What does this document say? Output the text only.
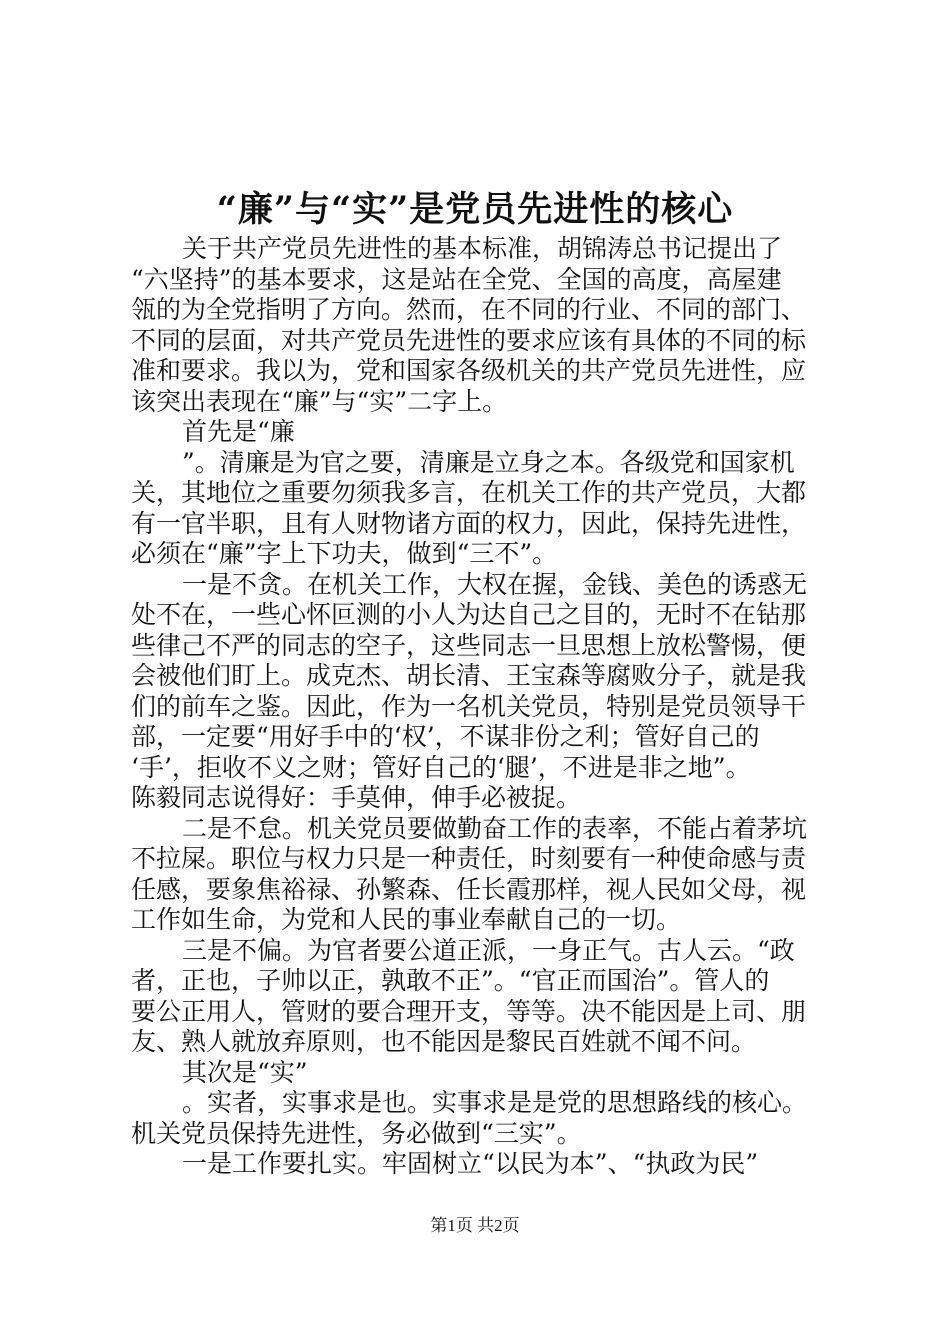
“廉”与“实”是党员先进性的核心
关于共产党员先进性的基本标准，胡锦涛总书记提出了
“六坚持”的基本要求，这是站在全党、全国的高度，高屋建
瓴的为全党指明了方向。然而，在不同的行业、不同的部门、
不同的层面，对共产党员先进性的要求应该有具体的不同的标
准和要求。我以为，党和国家各级机关的共产党员先进性，应
该突出表现在“廉”与“实”二字上。
首先是“廉
”。清廉是为官之要，清廉是立身之本。各级党和国家机
关，其地位之重要勿须我多言，在机关工作的共产党员，大都
有一官半职，且有人财物诸方面的权力，因此，保持先进性，
必须在“廉”字上下功夫，做到“三不”。
一是不贪。在机关工作，大权在握，金钱、美色的诱惑无
处不在，一些心怀叵测的小人为达自己之目的，无时不在钻那
些律己不严的同志的空子，这些同志一旦思想上放松警惕，便
会被他们盯上。成克杰、胡长清、王宝森等腐败分子，就是我
们的前车之鉴。因此，作为一名机关党员，特别是党员领导干
部，一定要“用好手中的‘权’，不谋非份之利；管好自己的
‘手’，拒收不义之财；管好自己的‘腿’，不进是非之地”。
陈毅同志说得好：手莫伸，伸手必被捉。
二是不怠。机关党员要做勤奋工作的表率，不能占着茅坑
不拉屎。职位与权力只是一种责任，时刻要有一种使命感与责
任感，要象焦裕禄、孙繁森、任长霞那样，视人民如父母，视
工作如生命，为党和人民的事业奉献自己的一切。
三是不偏。为官者要公道正派，一身正气。古人云。“政
者，正也，子帅以正，孰敢不正”。“官正而国治”。管人的
要公正用人，管财的要合理开支，等等。决不能因是上司、朋
友、熟人就放弃原则，也不能因是黎民百姓就不闻不问。
其次是“实”
。实者，实事求是也。实事求是是党的思想路线的核心。
机关党员保持先进性，务必做到“三实”。
一是工作要扎实。牢固树立“以民为本”、“执政为民”
第1页 共2页
